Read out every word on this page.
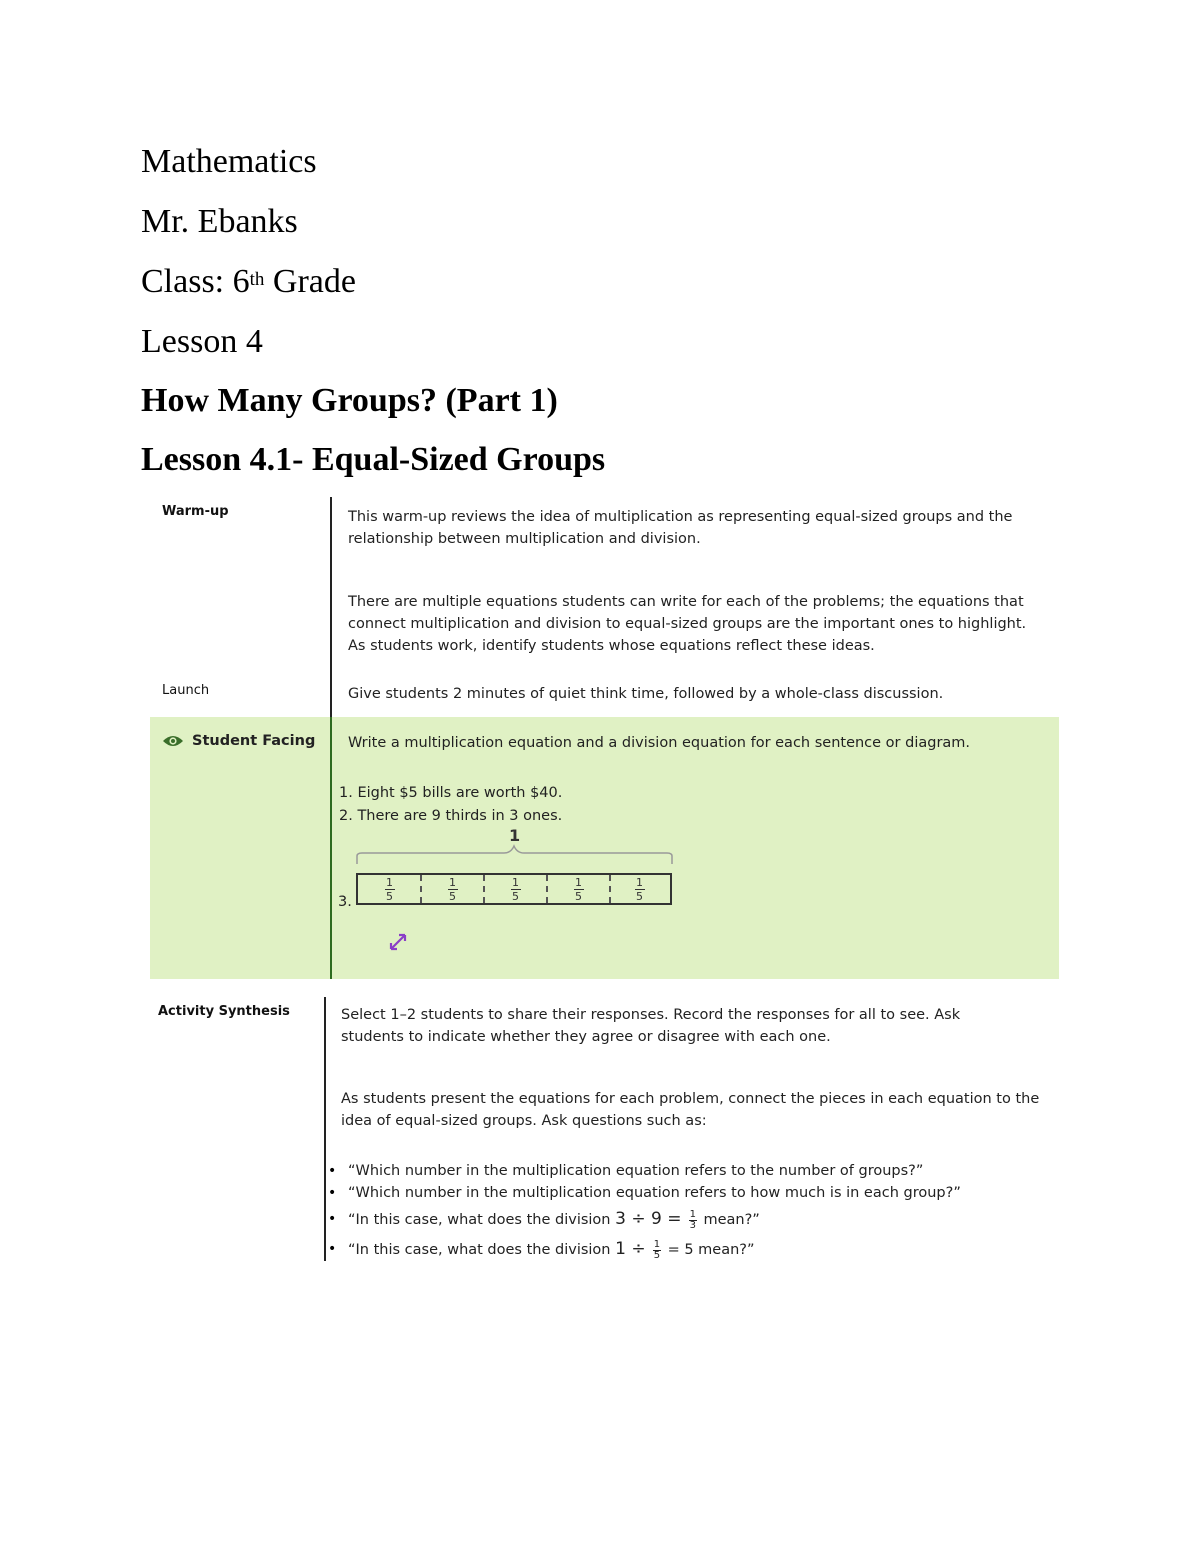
Mathematics
Mr. Ebanks
Class: 6th Grade
Lesson 4
How Many Groups? (Part 1)
Lesson 4.1- Equal-Sized Groups
Warm-up	This warm-up reviews the idea of multiplication as representing equal-sized groups and the relationship between multiplication and division.
There are multiple equations students can write for each of the problems; the equations that connect multiplication and division to equal-sized groups are the important ones to highlight. As students work, identify students whose equations reflect these ideas.
Launch	Give students 2 minutes of quiet think time, followed by a whole-class discussion.
Student Facing Write a multiplication equation and a division equation for each sentence or diagram.
1. Eight $5 bills are worth $40.
2. There are 9 thirds in 3 ones.
1
3.
1
5
1
5
1
5
1
5
1
5
Activity Synthesis	Select 1–2 students to share their responses. Record the responses for all to see. Ask students to indicate whether they agree or disagree with each one.
As students present the equations for each problem, connect the pieces in each equation to the idea of equal-sized groups. Ask questions such as:
• “Which number in the multiplication equation refers to the number of groups?”
• “Which number in the multiplication equation refers to how much is in each group?”
• “In this case, what does the division $3 \div 9 = \frac{1}{3}$ mean?”
• “In this case, what does the division $1 \div \frac{1}{5} = 5$ mean?”
